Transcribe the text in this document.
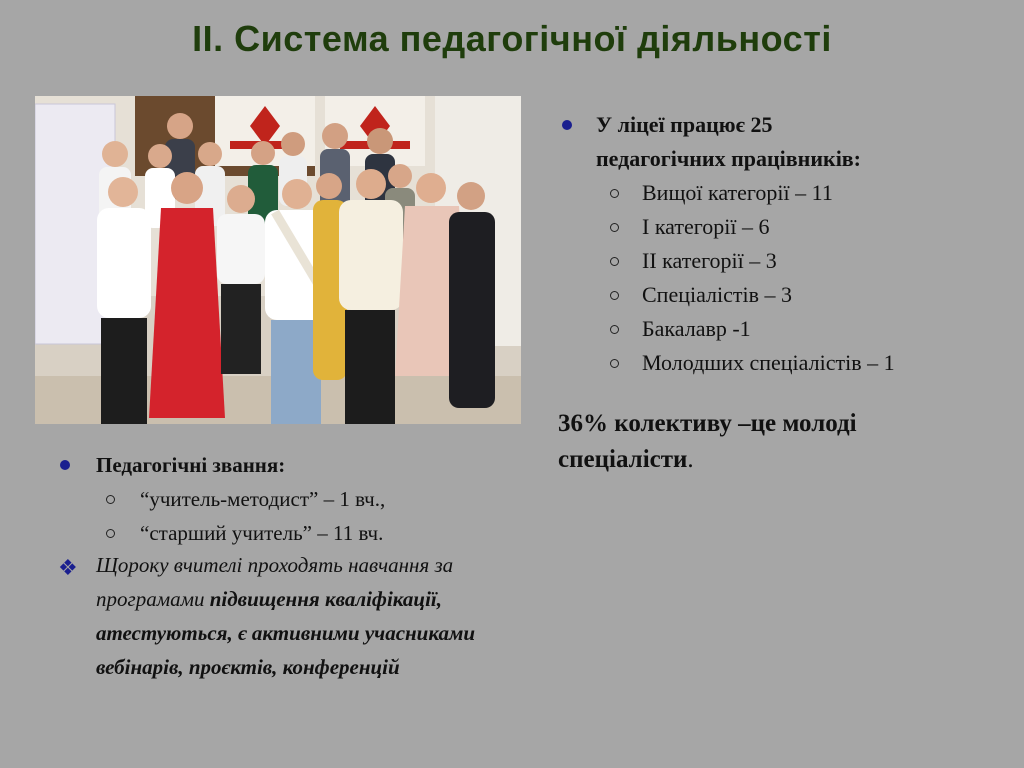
II. Система педагогічної діяльності
У ліцеї працює 25
педагогічних працівників:
Вищої категорії – 11
І категорії – 6
ІІ категорії – 3
Спеціалістів – 3
Бакалавр -1
Молодших спеціалістів – 1
36% колективу –це молоді
спеціалісти.
Педагогічні звання:
“учитель-методист” – 1 вч.,
“старший учитель” – 11 вч.
❖ Щороку вчителі проходять навчання за програмами підвищення кваліфікації, атестуються, є активними учасниками вебінарів, проєктів, конференцій
